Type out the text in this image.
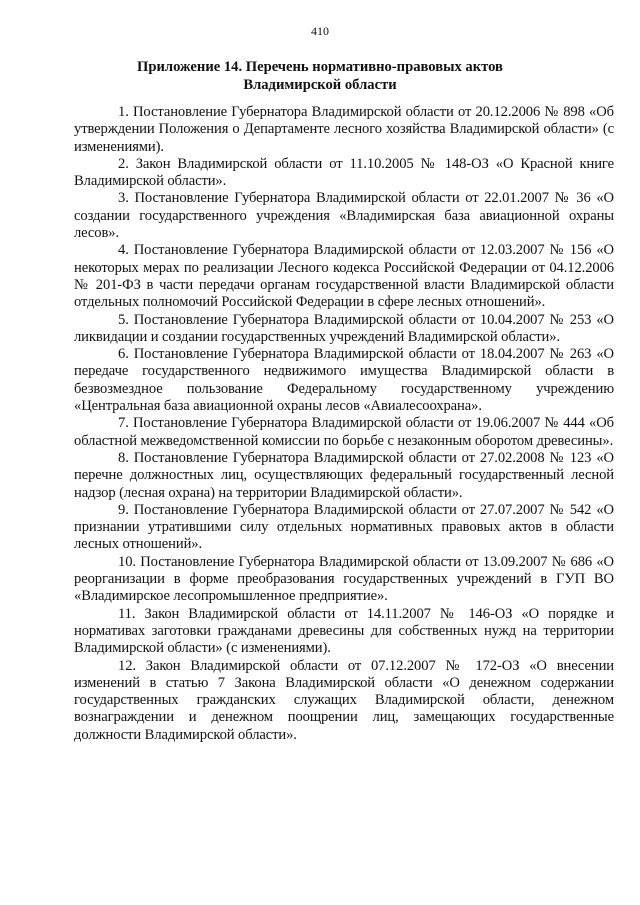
410
Приложение 14. Перечень нормативно-правовых актов Владимирской области

1. Постановление Губернатора Владимирской области от 20.12.2006 № 898 «Об утверждении Положения о Департаменте лесного хозяйства Владимирской области» (с изменениями).

2. Закон Владимирской области от 11.10.2005 № 148-ОЗ «О Красной книге Владимирской области».

3. Постановление Губернатора Владимирской области от 22.01.2007 № 36 «О создании государственного учреждения «Владимирская база авиационной охраны лесов».

4. Постановление Губернатора Владимирской области от 12.03.2007 № 156 «О некоторых мерах по реализации Лесного кодекса Российской Федерации от 04.12.2006 № 201-ФЗ в части передачи органам государственной власти Владимирской области отдельных полномочий Российской Федерации в сфере лесных отношений».

5. Постановление Губернатора Владимирской области от 10.04.2007 № 253 «О ликвидации и создании государственных учреждений Владимирской области».

6. Постановление Губернатора Владимирской области от 18.04.2007 № 263 «О передаче государственного недвижимого имущества Владимирской области в безвозмездное пользование Федеральному государственному учреждению «Центральная база авиационной охраны лесов «Авиалесоохрана».

7. Постановление Губернатора Владимирской области от 19.06.2007 № 444 «Об областной межведомственной комиссии по борьбе с незаконным оборотом древесины».

8. Постановление Губернатора Владимирской области от 27.02.2008 № 123 «О перечне должностных лиц, осуществляющих федеральный государственный лесной надзор (лесная охрана) на территории Владимирской области».

9. Постановление Губернатора Владимирской области от 27.07.2007 № 542 «О признании утратившими силу отдельных нормативных правовых актов в области лесных отношений».

10. Постановление Губернатора Владимирской области от 13.09.2007 № 686 «О реорганизации в форме преобразования государственных учреждений в ГУП ВО «Владимирское лесопромышленное предприятие».

11. Закон Владимирской области от 14.11.2007 № 146-ОЗ «О порядке и нормативах заготовки гражданами древесины для собственных нужд на территории Владимирской области» (с изменениями).

12. Закон Владимирской области от 07.12.2007 № 172-ОЗ «О внесении изменений в статью 7 Закона Владимирской области «О денежном содержании государственных гражданских служащих Владимирской области, денежном вознаграждении и денежном поощрении лиц, замещающих государственные должности Владимирской области».
